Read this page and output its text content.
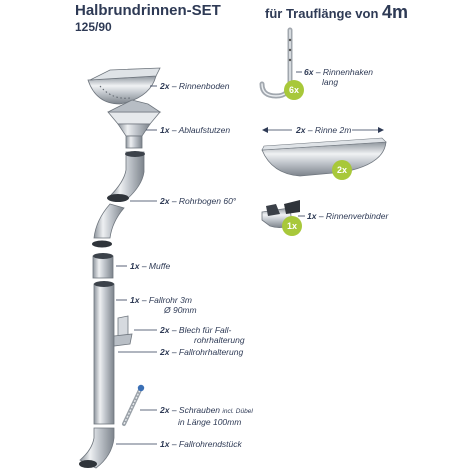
Halbrundrinnen-SET
125/90
für Trauflänge von 4m
2x – Rinnenboden
1x – Ablaufstutzen
2x – Rohrbogen 60°
1x – Muffe
1x – Fallrohr 3m
Ø 90mm
2x – Blech für Fall-
rohrhalterung
2x – Fallrohrhalterung
2x – Schrauben incl. Dübel
in Länge 100mm
1x – Fallrohrendstück
6x – Rinnenhaken
lang
2x – Rinne 2m
1x – Rinnenverbinder
6x
2x
1x
